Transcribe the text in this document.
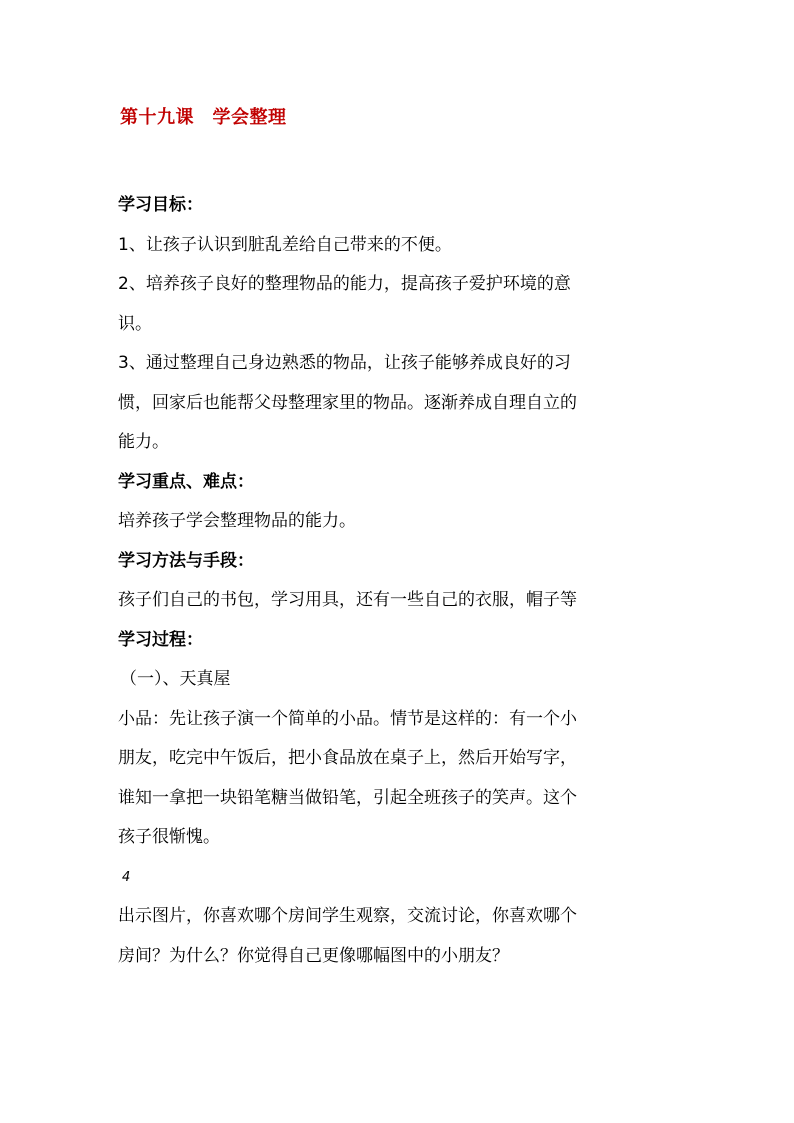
第十九课　学会整理

学习目标：

1、让孩子认识到脏乱差给自己带来的不便。

2、培养孩子良好的整理物品的能力，提高孩子爱护环境的意

识。

3、通过整理自己身边熟悉的物品，让孩子能够养成良好的习

惯，回家后也能帮父母整理家里的物品。逐渐养成自理自立的

能力。

学习重点、难点：

培养孩子学会整理物品的能力。

学习方法与手段：

孩子们自己的书包，学习用具，还有一些自己的衣服，帽子等

学习过程：

（一）、天真屋

小品：先让孩子演一个简单的小品。情节是这样的：有一个小

朋友，吃完中午饭后，把小食品放在桌子上，然后开始写字，

谁知一拿把一块铅笔糖当做铅笔，引起全班孩子的笑声。这个

孩子很惭愧。

4

出示图片，你喜欢哪个房间学生观察，交流讨论，你喜欢哪个

房间？为什么？你觉得自己更像哪幅图中的小朋友？
